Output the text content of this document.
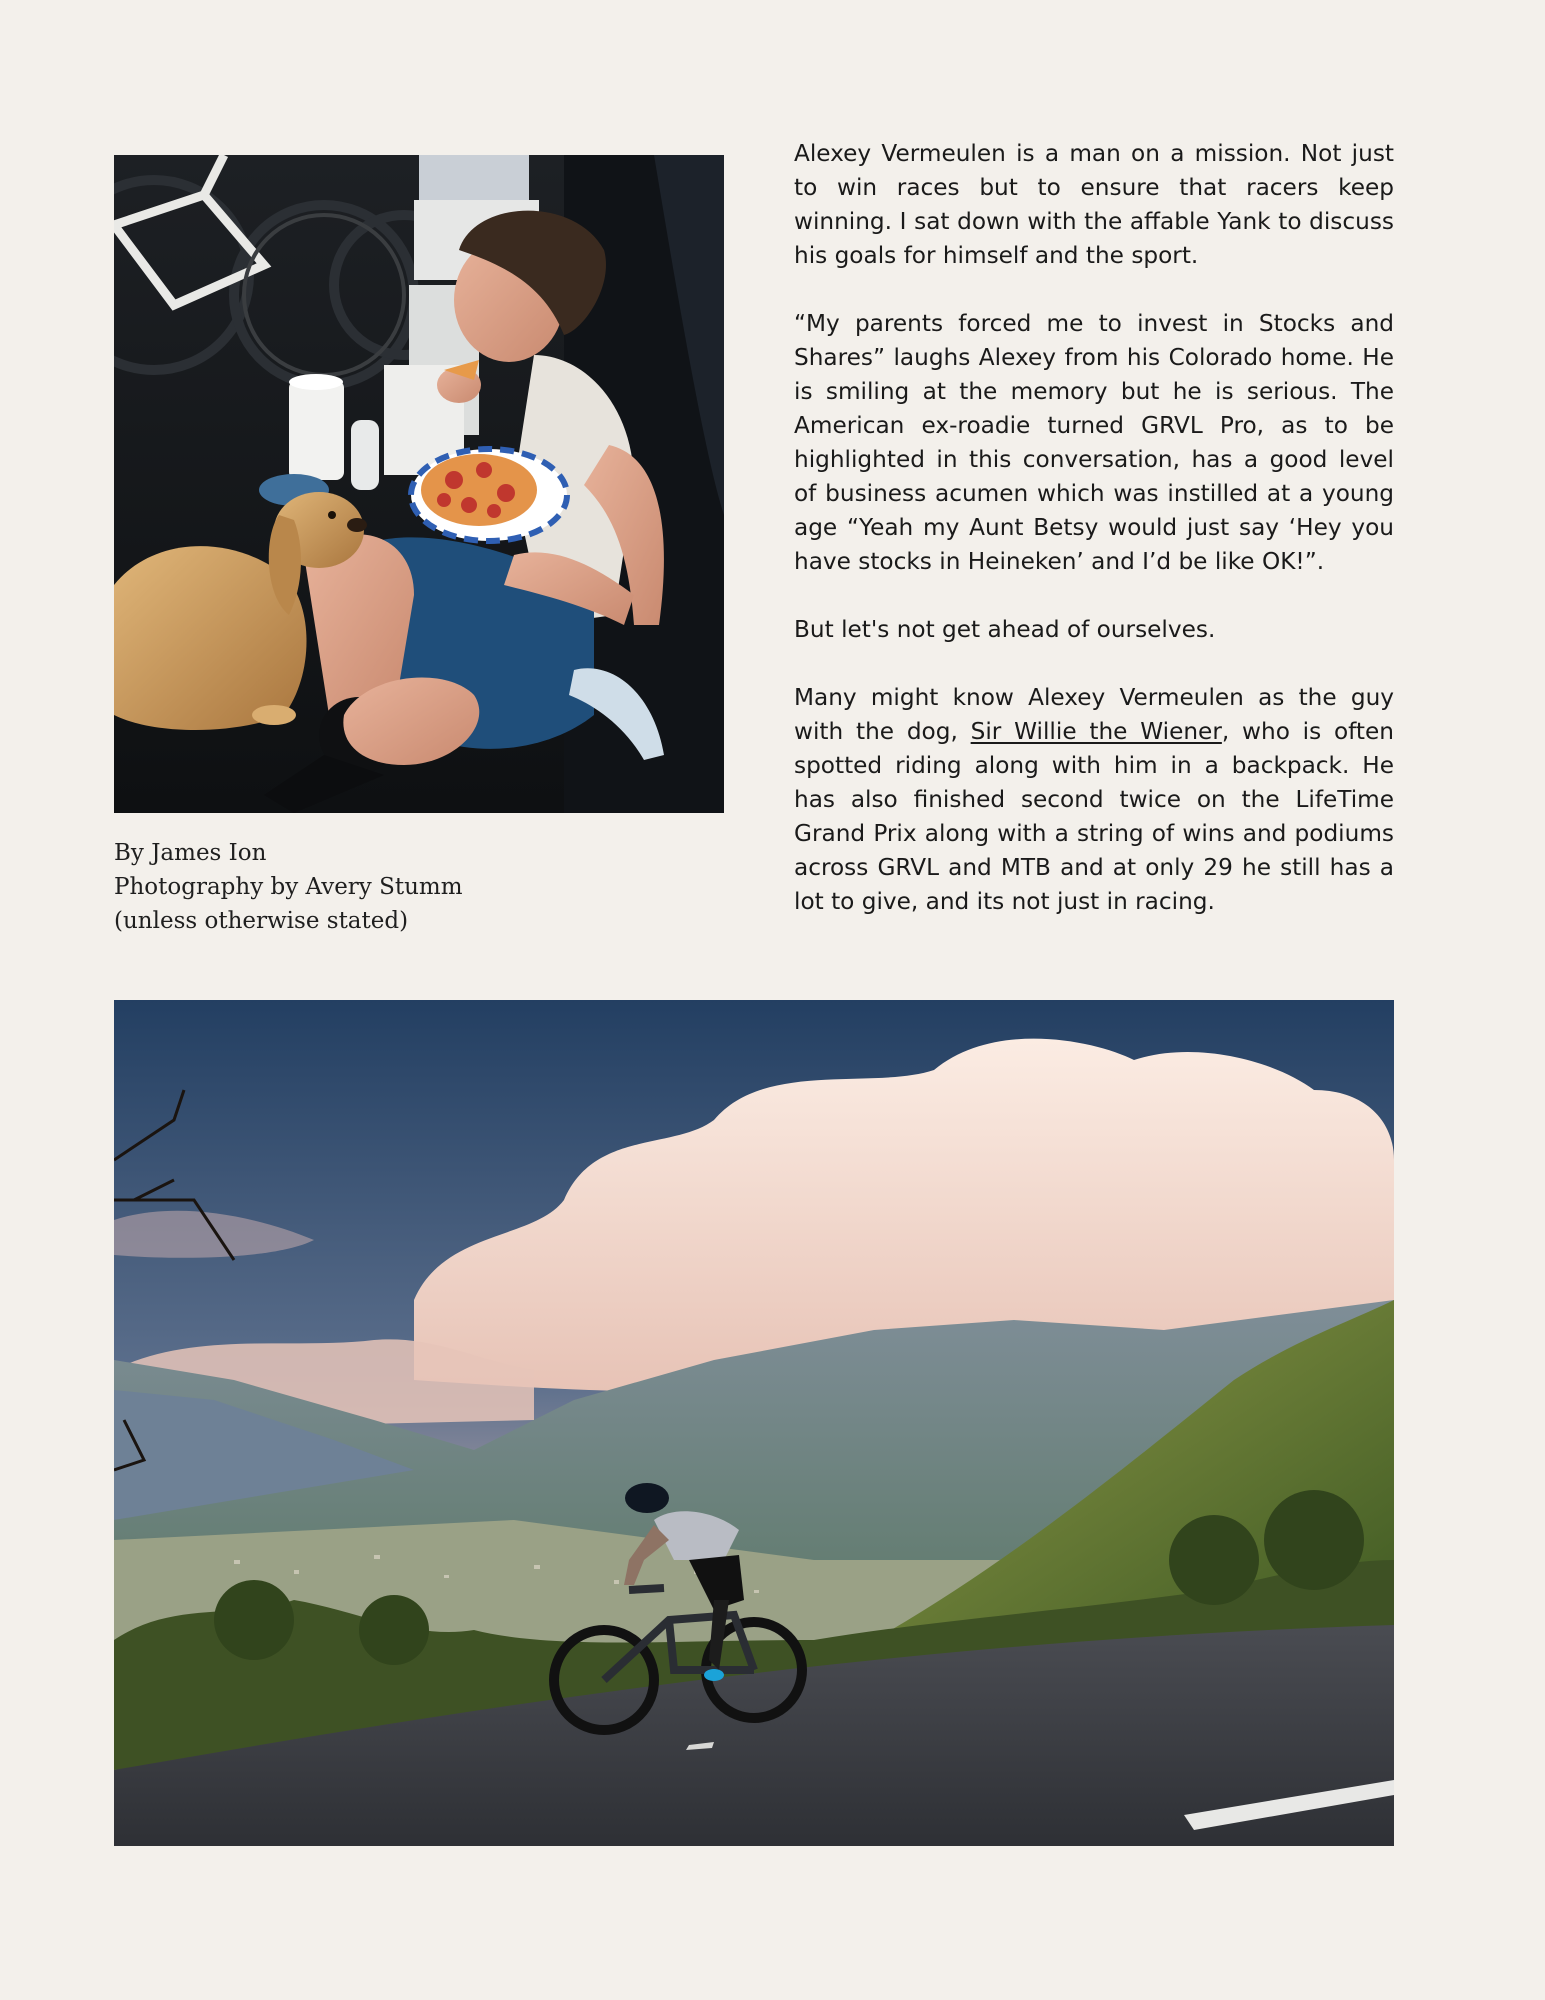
By James Ion
Photography by Avery Stumm
(unless otherwise stated)

Alexey Vermeulen is a man on a mission. Not just to win races but to ensure that racers keep winning. I sat down with the affable Yank to discuss his goals for himself and the sport.

“My parents forced me to invest in Stocks and Shares” laughs Alexey from his Colorado home. He is smiling at the memory but he is serious. The American ex-roadie turned GRVL Pro, as to be highlighted in this conversation, has a good level of business acumen which was instilled at a young age “Yeah my Aunt Betsy would just say ‘Hey you have stocks in Heineken’ and I’d be like OK!”.

But let's not get ahead of ourselves.

Many might know Alexey Vermeulen as the guy with the dog, Sir Willie the Wiener, who is often spotted riding along with him in a backpack. He has also finished second twice on the LifeTime Grand Prix along with a string of wins and podiums across GRVL and MTB and at only 29 he still has a lot to give, and its not just in racing.
